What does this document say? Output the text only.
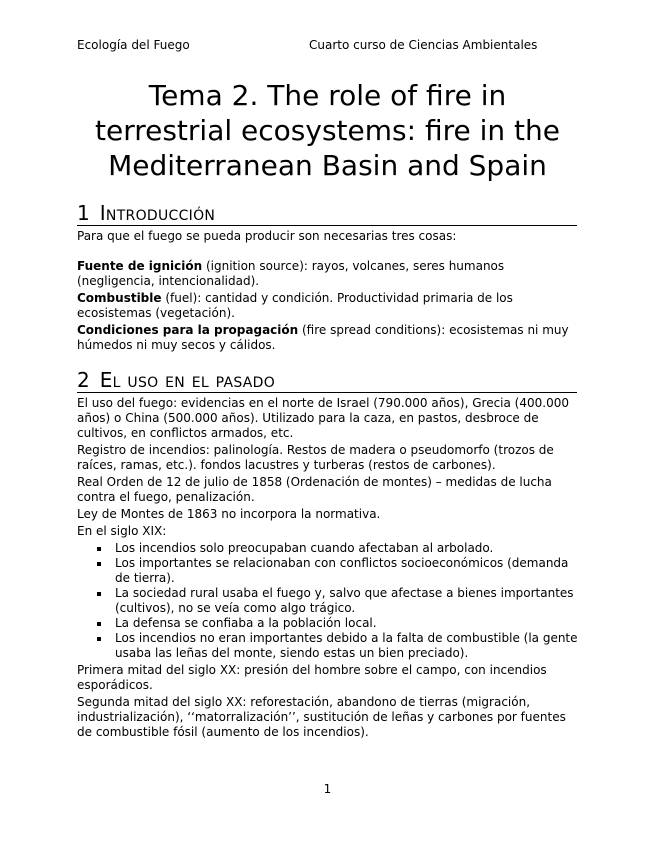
Ecología del Fuego	Cuarto curso de Ciencias Ambientales
Tema 2. The role of fire in
terrestrial ecosystems: fire in the
Mediterranean Basin and Spain
1 Introducción

Para que el fuego se pueda producir son necesarias tres cosas:

Fuente de ignición (ignition source): rayos, volcanes, seres humanos (negligencia, intencionalidad).

Combustible (fuel): cantidad y condición. Productividad primaria de los ecosistemas (vegetación).

Condiciones para la propagación (fire spread conditions): ecosistemas ni muy húmedos ni muy secos y cálidos.

2 El uso en el pasado

El uso del fuego: evidencias en el norte de Israel (790.000 años), Grecia (400.000 años) o China (500.000 años). Utilizado para la caza, en pastos, desbroce de cultivos, en conflictos armados, etc.

Registro de incendios: palinología. Restos de madera o pseudomorfo (trozos de raíces, ramas, etc.). fondos lacustres y turberas (restos de carbones).

Real Orden de 12 de julio de 1858 (Ordenación de montes) – medidas de lucha contra el fuego, penalización.

Ley de Montes de 1863 no incorpora la normativa.

En el siglo XIX:

Los incendios solo preocupaban cuando afectaban al arbolado.
Los importantes se relacionaban con conflictos socioeconómicos (demanda de tierra).
La sociedad rural usaba el fuego y, salvo que afectase a bienes importantes (cultivos), no se veía como algo trágico.
La defensa se confiaba a la población local.
Los incendios no eran importantes debido a la falta de combustible (la gente usaba las leñas del monte, siendo estas un bien preciado).

Primera mitad del siglo XX: presión del hombre sobre el campo, con incendios esporádicos.

Segunda mitad del siglo XX: reforestación, abandono de tierras (migración, industrialización), ‘‘matorralización’’, sustitución de leñas y carbones por fuentes de combustible fósil (aumento de los incendios).

1
